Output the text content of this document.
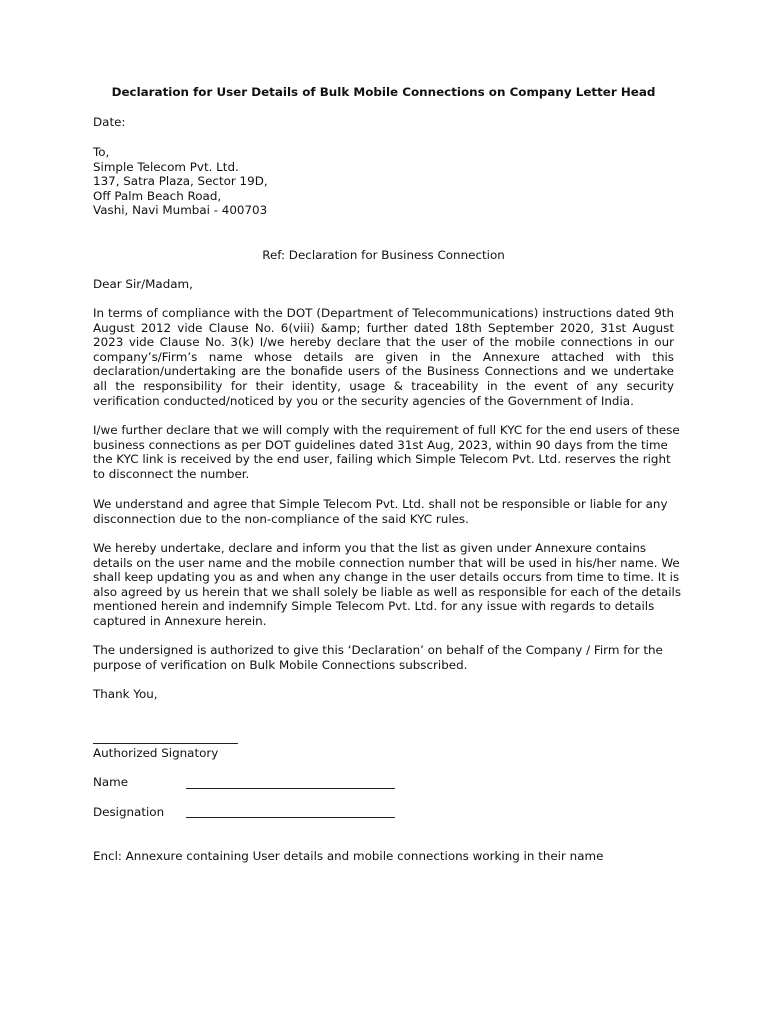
Declaration for User Details of Bulk Mobile Connections on Company Letter Head
Date:
To,
Simple Telecom Pvt. Ltd.
137, Satra Plaza, Sector 19D,
Off Palm Beach Road,
Vashi, Navi Mumbai - 400703
Ref: Declaration for Business Connection
Dear Sir/Madam,
In terms of compliance with the DOT (Department of Telecommunications) instructions dated 9th August 2012 vide Clause No. 6(viii) &amp; further dated 18th September 2020, 31st August 2023 vide Clause No. 3(k) I/we hereby declare that the user of the mobile connections in our company’s/Firm’s name whose details are given in the Annexure attached with this declaration/undertaking are the bonafide users of the Business Connections and we undertake all the responsibility for their identity, usage & traceability in the event of any security verification conducted/noticed by you or the security agencies of the Government of India.
I/we further declare that we will comply with the requirement of full KYC for the end users of these
business connections as per DOT guidelines dated 31st Aug, 2023, within 90 days from the time
the KYC link is received by the end user, failing which Simple Telecom Pvt. Ltd. reserves the right
to disconnect the number.
We understand and agree that Simple Telecom Pvt. Ltd. shall not be responsible or liable for any
disconnection due to the non-compliance of the said KYC rules.
We hereby undertake, declare and inform you that the list as given under Annexure contains
details on the user name and the mobile connection number that will be used in his/her name. We
shall keep updating you as and when any change in the user details occurs from time to time. It is
also agreed by us herein that we shall solely be liable as well as responsible for each of the details
mentioned herein and indemnify Simple Telecom Pvt. Ltd. for any issue with regards to details
captured in Annexure herein.
The undersigned is authorized to give this ‘Declaration’ on behalf of the Company / Firm for the
purpose of verification on Bulk Mobile Connections subscribed.
Thank You,
Authorized Signatory
Name
Designation
Encl: Annexure containing User details and mobile connections working in their name
